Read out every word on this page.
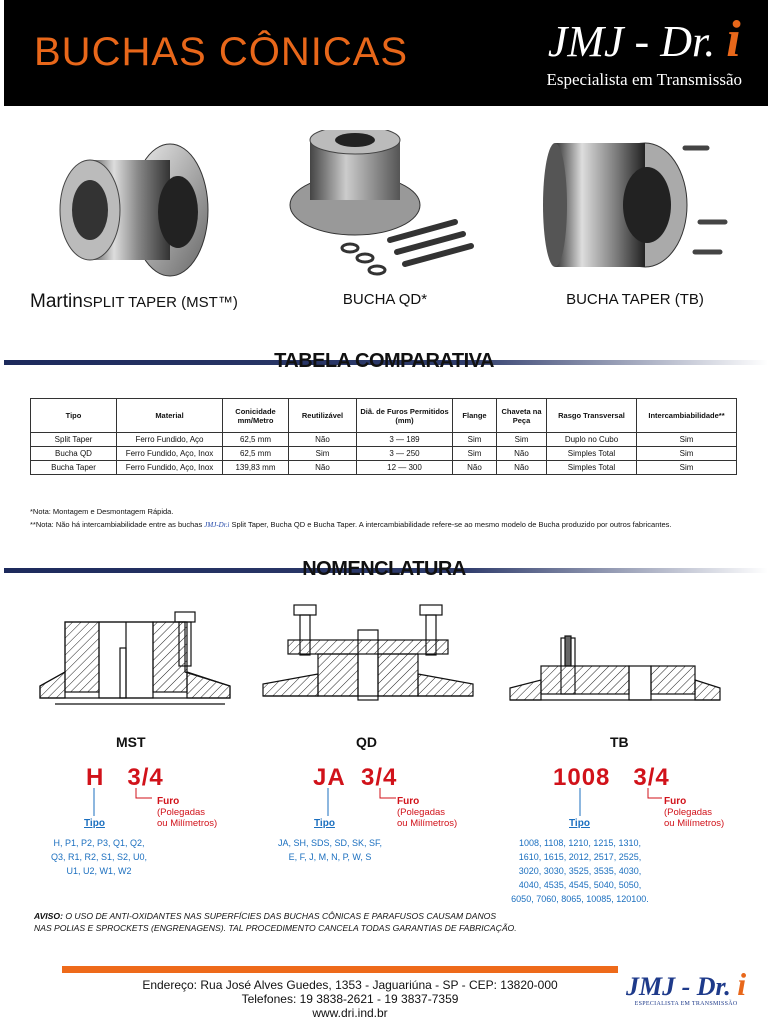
BUCHAS CÔNICAS	JMJ - Dr. i
Especialista em Transmissão
MartinSPLIT TAPER (MST™)	BUCHA QD*	BUCHA TAPER (TB)
TABELA COMPARATIVA
Tipo	Material	Conicidade mm/Metro	Reutilizável	Diâ. de Furos Permitidos (mm)	Flange	Chaveta na Peça	Rasgo Transversal	Intercambiabilidade**
Split Taper	Ferro Fundido, Aço	62,5 mm	Não	3 — 189	Sim	Sim	Duplo no Cubo	Sim
Bucha QD	Ferro Fundido, Aço, Inox	62,5 mm	Sim	3 — 250	Sim	Não	Simples Total	Sim
Bucha Taper	Ferro Fundido, Aço, Inox	139,83 mm	Não	12 — 300	Não	Não	Simples Total	Sim
*Nota: Montagem e Desmontagem Rápida.
**Nota: Não há intercambiabilidade entre as buchas JMJ-Dr.i Split Taper, Bucha QD e Bucha Taper. A intercambiabilidade refere-se ao mesmo modelo de Bucha produzido por outros fabricantes.
NOMENCLATURA
MST	QD	TB
H 3/4
Furo
(Polegadas
ou Milímetros)
Tipo
H, P1, P2, P3, Q1, Q2,
Q3, R1, R2, S1, S2, U0,
U1, U2, W1, W2
JA 3/4
Furo
(Polegadas
ou Milímetros)
Tipo
JA, SH, SDS, SD, SK, SF,
E, F, J, M, N, P, W, S
1008 3/4
Furo
(Polegadas
ou Milímetros)
Tipo
1008, 1108, 1210, 1215, 1310,
1610, 1615, 2012, 2517, 2525,
3020, 3030, 3525, 3535, 4030,
4040, 4535, 4545, 5040, 5050,
6050, 7060, 8065, 10085, 120100.
AVISO: O USO DE ANTI-OXIDANTES NAS SUPERFÍCIES DAS BUCHAS CÔNICAS E PARAFUSOS CAUSAM DANOS
NAS POLIAS E SPROCKETS (ENGRENAGENS). TAL PROCEDIMENTO CANCELA TODAS GARANTIAS DE FABRICAÇÃO.
Endereço: Rua José Alves Guedes, 1353 - Jaguariúna - SP - CEP: 13820-000
Telefones: 19 3838-2621 - 19 3837-7359
www.dri.ind.br
JMJ - Dr. i
ESPECIALISTA EM TRANSMISSÃO
